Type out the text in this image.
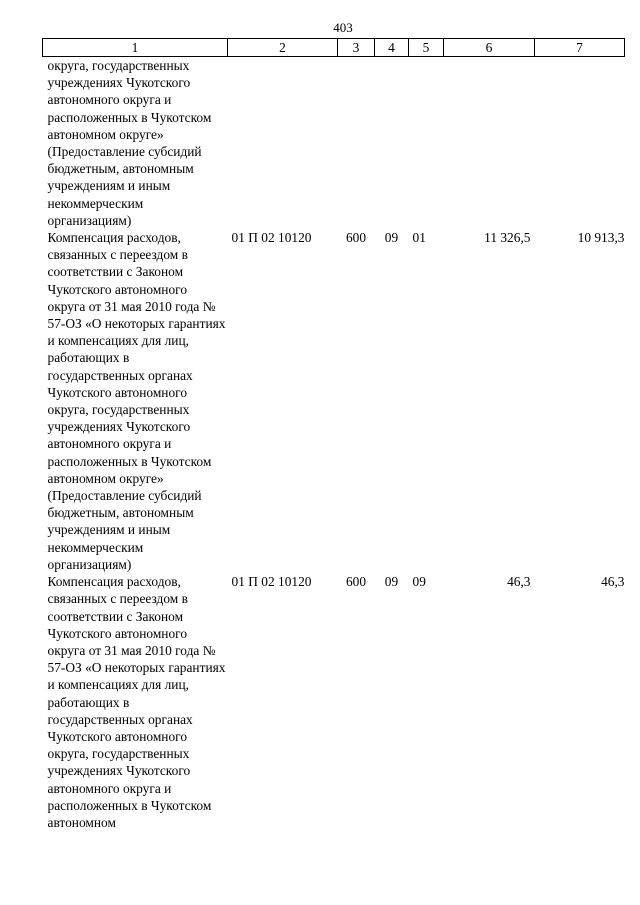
403
1	2	3	4	5	6	7
округа, государственных учреждениях Чукотского автономного округа и расположенных в Чукотском автономном округе» (Предоставление субсидий бюджетным, автономным учреждениям и иным некоммерческим организациям)						
Компенсация расходов, связанных с переездом в соответствии с Законом Чукотского автономного округа от 31 мая 2010 года № 57-ОЗ «О некоторых гарантиях и компенсациях для лиц, работающих в государственных органах Чукотского автономного округа, государственных учреждениях Чукотского автономного округа и расположенных в Чукотском автономном округе» (Предоставление субсидий бюджетным, автономным учреждениям и иным некоммерческим организациям)	01 П 02 10120	600	09	01	11 326,5	10 913,3
Компенсация расходов, связанных с переездом в соответствии с Законом Чукотского автономного округа от 31 мая 2010 года № 57-ОЗ «О некоторых гарантиях и компенсациях для лиц, работающих в государственных органах Чукотского автономного округа, государственных учреждениях Чукотского автономного округа и расположенных в Чукотском автономном	01 П 02 10120	600	09	09	46,3	46,3
